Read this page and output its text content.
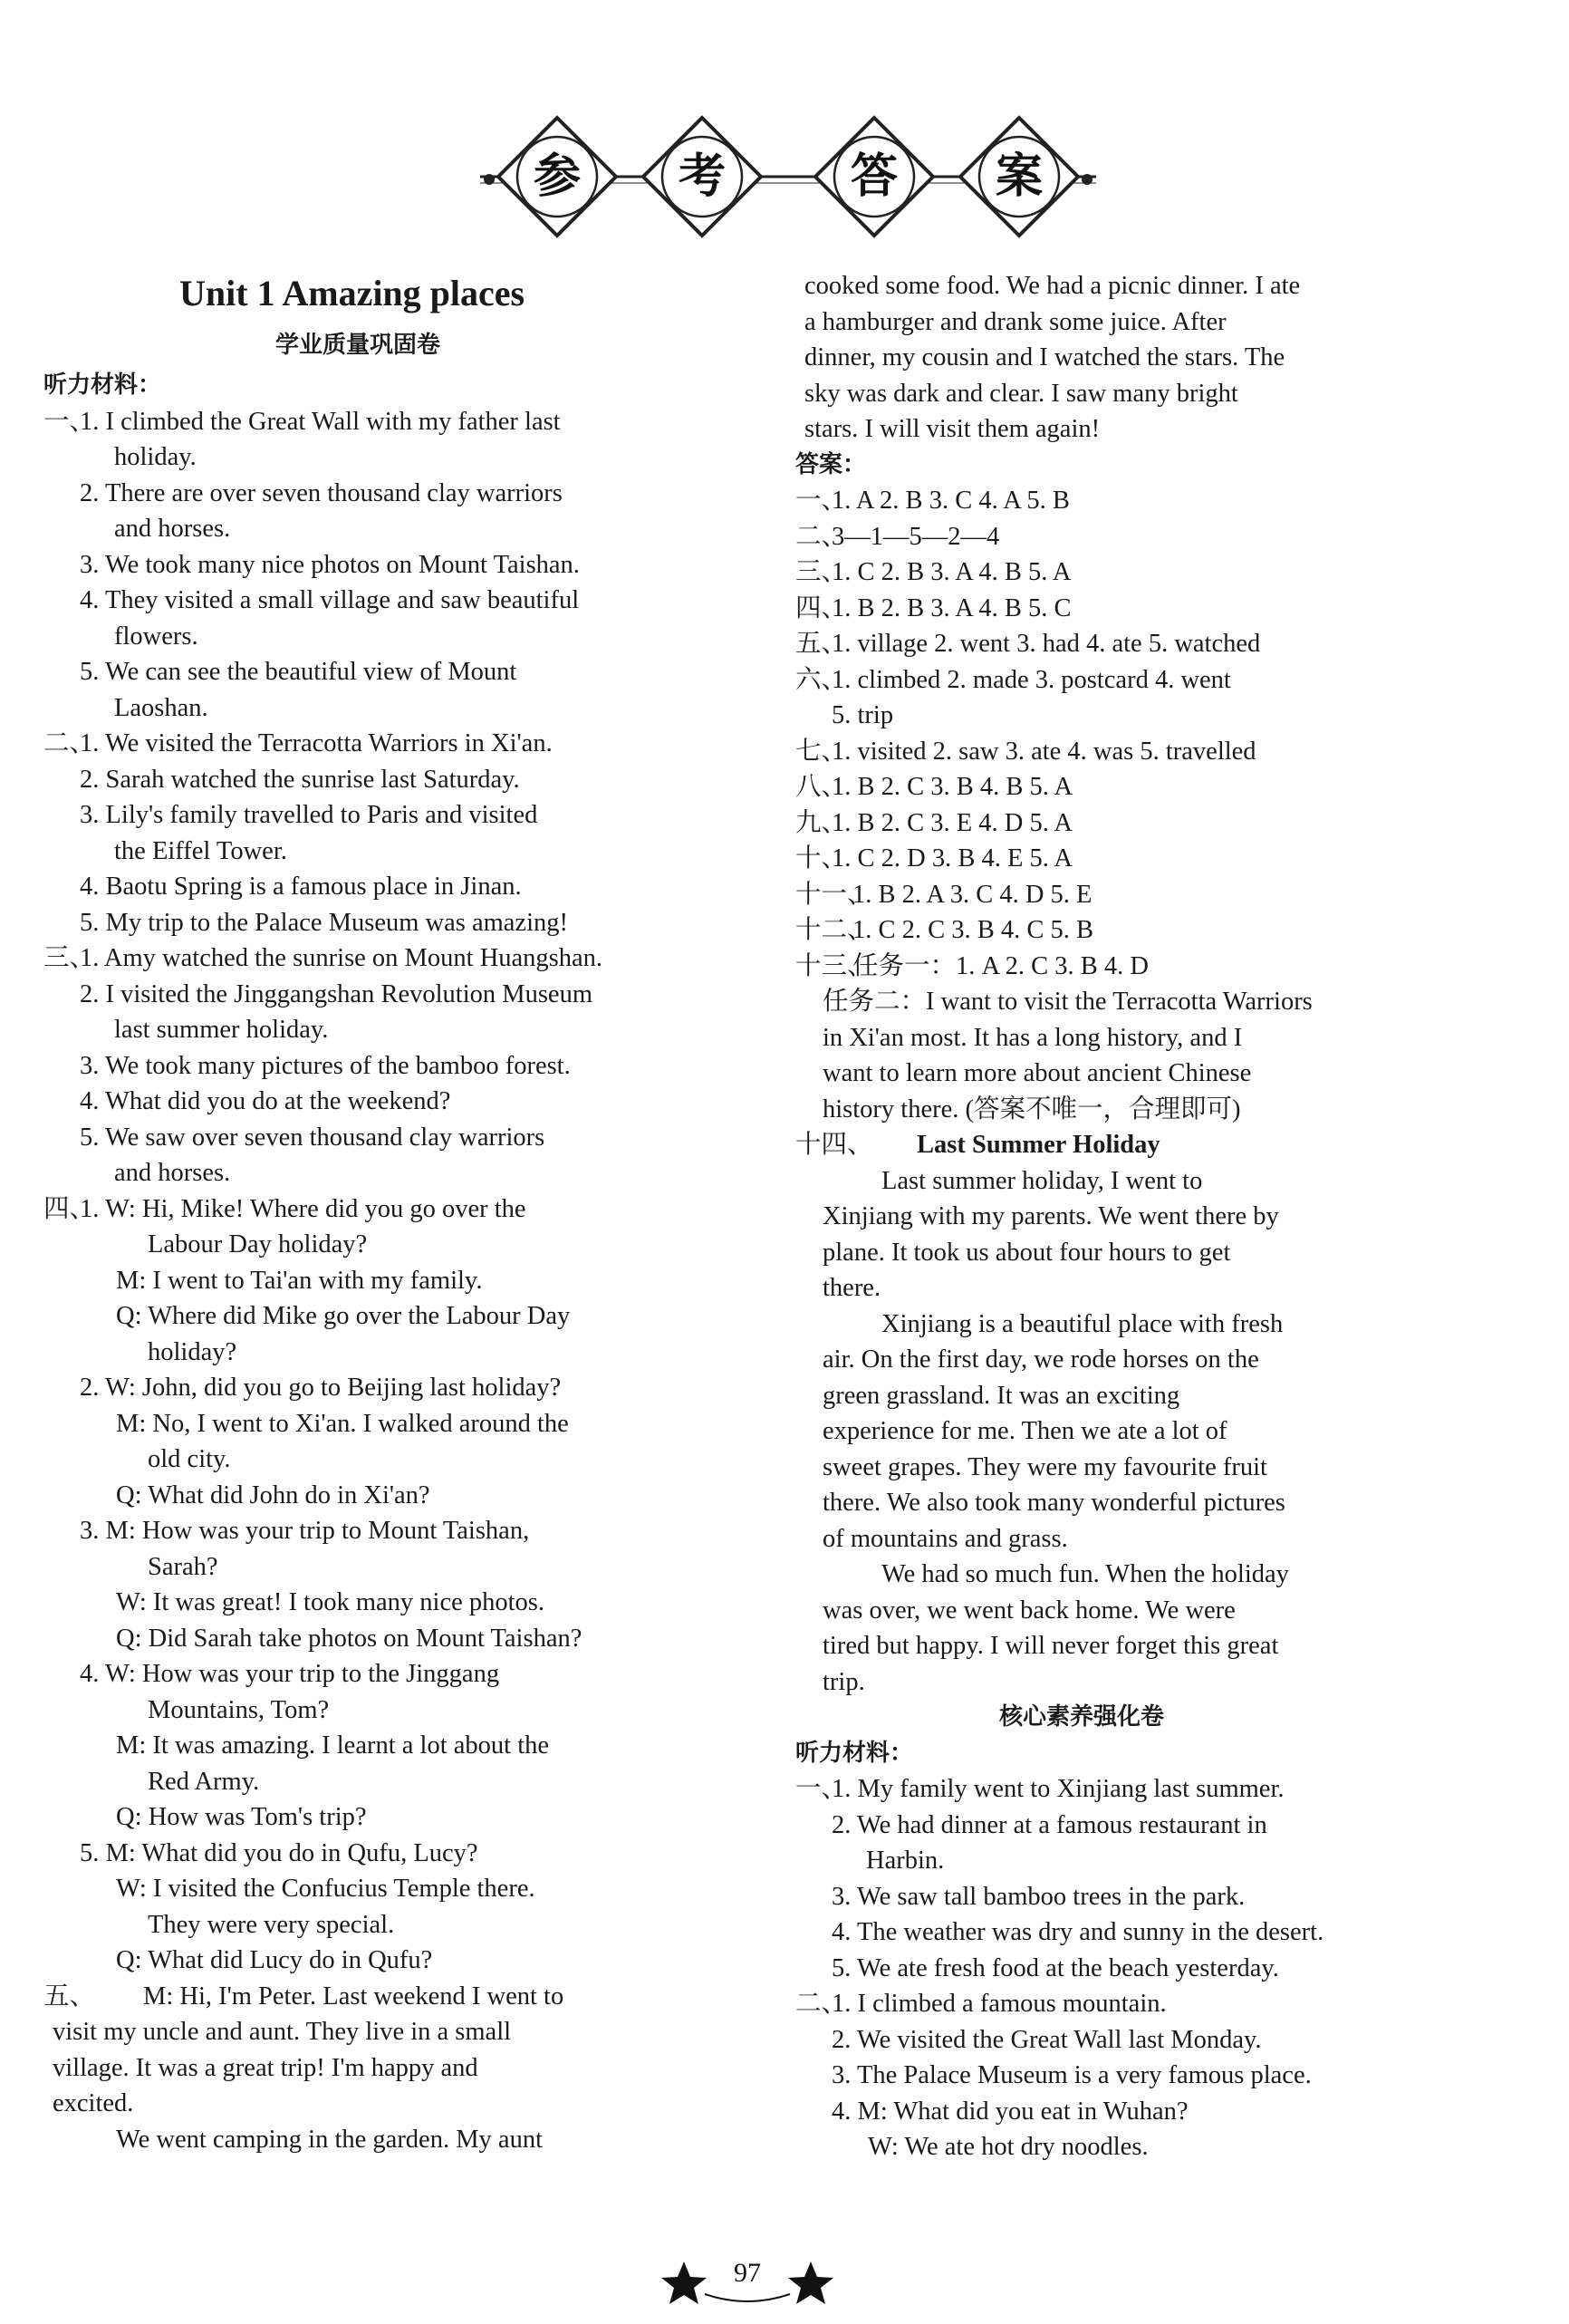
参 考	答 案
Unit 1 Amazing places
学业质量巩固卷
听力材料：
一、
1. I climbed the Great Wall with my father last
holiday.
2. There are over seven thousand clay warriors
and horses.
3. We took many nice photos on Mount Taishan.
4. They visited a small village and saw beautiful
flowers.
5. We can see the beautiful view of Mount
Laoshan.
二、
1. We visited the Terracotta Warriors in Xi'an.
2. Sarah watched the sunrise last Saturday.
3. Lily's family travelled to Paris and visited
the Eiffel Tower.
4. Baotu Spring is a famous place in Jinan.
5. My trip to the Palace Museum was amazing!
三、
1. Amy watched the sunrise on Mount Huangshan.
2. I visited the Jinggangshan Revolution Museum
last summer holiday.
3. We took many pictures of the bamboo forest.
4. What did you do at the weekend?
5. We saw over seven thousand clay warriors
and horses.
四、
1. W: Hi, Mike! Where did you go over the
Labour Day holiday?
M: I went to Tai'an with my family.
Q: Where did Mike go over the Labour Day
holiday?
2. W: John, did you go to Beijing last holiday?
M: No, I went to Xi'an. I walked around the
old city.
Q: What did John do in Xi'an?
3. M: How was your trip to Mount Taishan,
Sarah?
W: It was great! I took many nice photos.
Q: Did Sarah take photos on Mount Taishan?
4. W: How was your trip to the Jinggang
Mountains, Tom?
M: It was amazing. I learnt a lot about the
Red Army.
Q: How was Tom's trip?
5. M: What did you do in Qufu, Lucy?
W: I visited the Confucius Temple there.
They were very special.
Q: What did Lucy do in Qufu?
五、 M: Hi, I'm Peter. Last weekend I went to
visit my uncle and aunt. They live in a small
village. It was a great trip! I'm happy and
excited.
We went camping in the garden. My aunt
cooked some food. We had a picnic dinner. I ate
a hamburger and drank some juice. After
dinner, my cousin and I watched the stars. The
sky was dark and clear. I saw many bright
stars. I will visit them again!
答案：
一、
1. A 2. B 3. C 4. A 5. B
二、
3—1—5—2—4
三、
1. C 2. B 3. A 4. B 5. A
四、
1. B 2. B 3. A 4. B 5. C
五、
1. village 2. went 3. had 4. ate 5. watched
六、
1. climbed 2. made 3. postcard 4. went
5. trip
七、
1. visited 2. saw 3. ate 4. was 5. travelled
八、
1. B 2. C 3. B 4. B 5. A
九、
1. B 2. C 3. E 4. D 5. A
十、
1. C 2. D 3. B 4. E 5. A
十一、
1. B 2. A 3. C 4. D 5. E
十二、
1. C 2. C 3. B 4. C 5. B
十三、
任务一：1. A 2. C 3. B 4. D
任务二：I want to visit the Terracotta Warriors
in Xi'an most. It has a long history, and I
want to learn more about ancient Chinese
history there. (答案不唯一，合理即可)
十四、 Last Summer Holiday
Last summer holiday, I went to
Xinjiang with my parents. We went there by
plane. It took us about four hours to get
there.
Xinjiang is a beautiful place with fresh
air. On the first day, we rode horses on the
green grassland. It was an exciting
experience for me. Then we ate a lot of
sweet grapes. They were my favourite fruit
there. We also took many wonderful pictures
of mountains and grass.
We had so much fun. When the holiday
was over, we went back home. We were
tired but happy. I will never forget this great
trip.
核心素养强化卷
听力材料：
一、
1. My family went to Xinjiang last summer.
2. We had dinner at a famous restaurant in
Harbin.
3. We saw tall bamboo trees in the park.
4. The weather was dry and sunny in the desert.
5. We ate fresh food at the beach yesterday.
二、
1. I climbed a famous mountain.
2. We visited the Great Wall last Monday.
3. The Palace Museum is a very famous place.
4. M: What did you eat in Wuhan?
W: We ate hot dry noodles.
97
